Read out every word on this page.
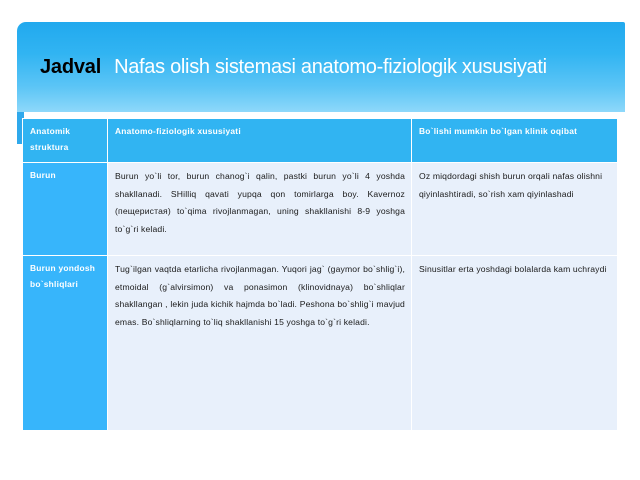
Jadval Nafas olish sistemasi anatomo-fiziologik xususiyati
Anatomik struktura	Anatomo-fiziologik xususiyati	Bo`lishi mumkin bo`lgan klinik oqibat
Burun	Burun yo`li tor, burun chanog`i qalin, pastki burun yo`li 4 yoshda shakllanadi. SHilliq qavati yupqa qon tomirlarga boy. Kavernoz (пещеристая) to`qima rivojlanmagan, uning shakllanishi 8-9 yoshga to`g`ri keladi.	Oz miqdordagi shish burun orqali nafas olishni qiyinlashtiradi, so`rish xam qiyinlashadi
Burun yondosh bo`shliqlari	Tug`ilgan vaqtda etarlicha rivojlanmagan. Yuqori jag` (gaymor bo`shlig`i), etmoidal (g`alvirsimon) va ponasimon (klinovidnaya) bo`shliqlar shakllangan , lekin juda kichik hajmda bo`ladi. Peshona bo`shlig`i mavjud emas. Bo`shliqlarning to`liq shakllanishi 15 yoshga to`g`ri keladi.	Sinusitlar erta yoshdagi bolalarda kam uchraydi
